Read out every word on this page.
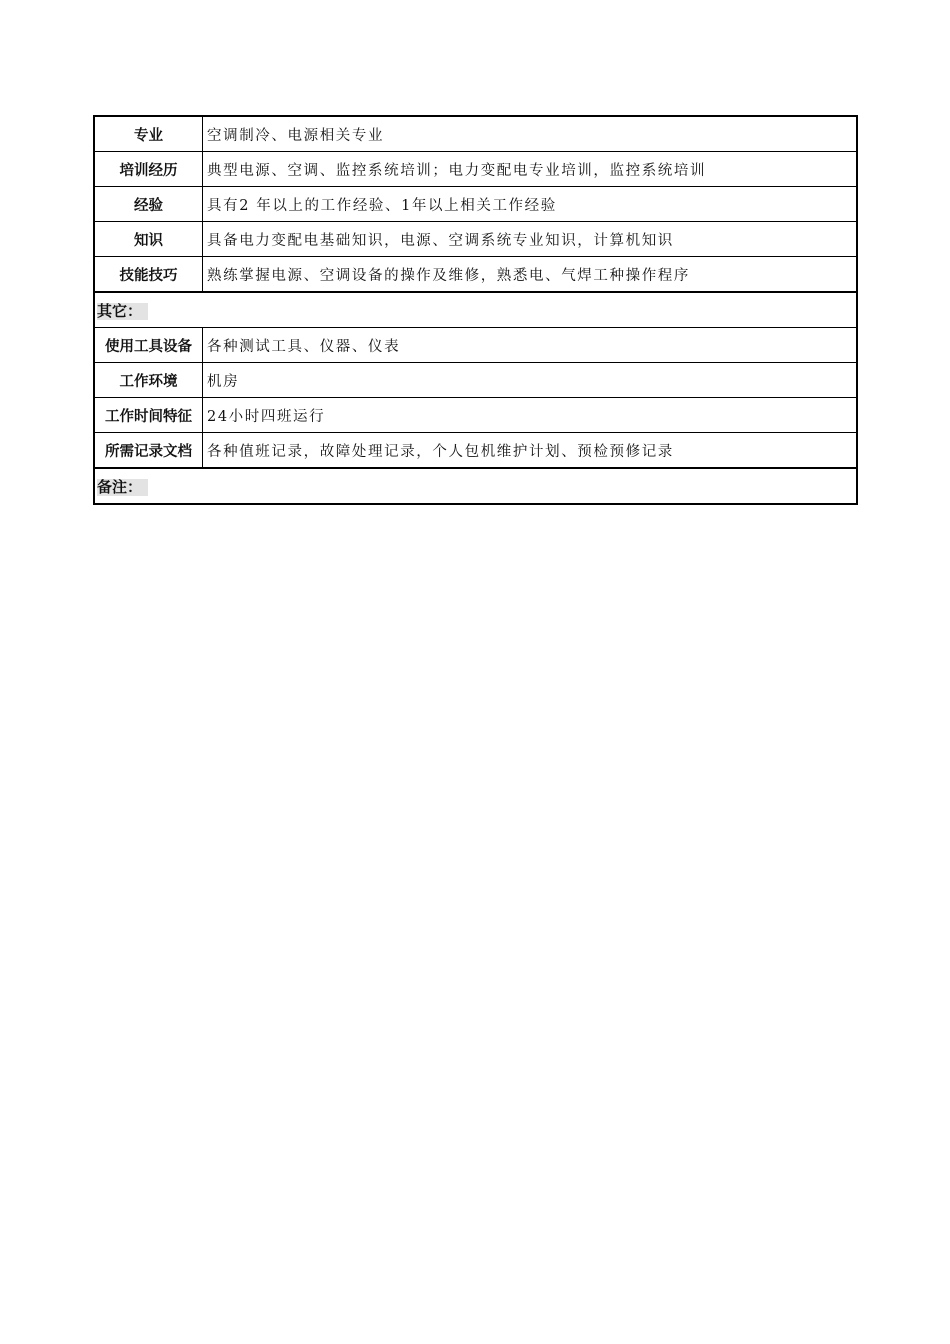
专业	空调制冷、电源相关专业
培训经历	典型电源、空调、监控系统培训；电力变配电专业培训，监控系统培训
经验	具有2 年以上的工作经验、1年以上相关工作经验
知识	具备电力变配电基础知识，电源、空调系统专业知识，计算机知识
技能技巧	熟练掌握电源、空调设备的操作及维修，熟悉电、气焊工种操作程序
其它：	
使用工具设备	各种测试工具、仪器、仪表
工作环境	机房
工作时间特征	24小时四班运行
所需记录文档	各种值班记录，故障处理记录，个人包机维护计划、预检预修记录
备注：	
